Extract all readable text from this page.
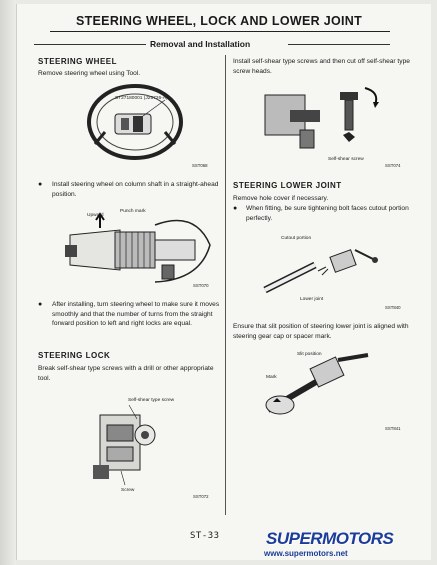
STEERING WHEEL, LOCK AND LOWER JOINT
Removal and Installation
STEERING WHEEL
Remove steering wheel using Tool.
ST27180001 (J25726-A)
SST068
● Install steering wheel on column shaft in a straight-ahead position.
Upward
Punch mark
SST070
● After installing, turn steering wheel to make sure it moves smoothly and that the number of turns from the straight forward position to left and right locks are equal.
STEERING LOCK
Break self-shear type screws with a drill or other appropriate tool.
Self-shear type screw
Screw
SST072
Install self-shear type screws and then cut off self-shear type screw heads.
Self-shear screw
SST074
STEERING LOWER JOINT
Remove hole cover if necessary.
● When fitting, be sure tightening bolt faces cutout portion perfectly.
Cutout portion
Lower joint
SST840
Ensure that slit position of steering lower joint is aligned with steering gear cap or spacer mark.
Slit position
Mark
SST841
ST-33	SUPERMOTORS
www.supermotors.net
